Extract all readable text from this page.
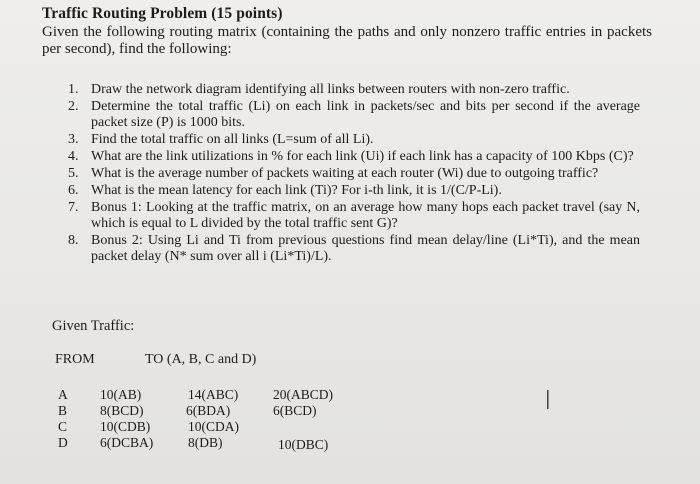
Traffic Routing Problem (15 points)
Given the following routing matrix (containing the paths and only nonzero traffic entries in packets per second), find the following:
1. Draw the network diagram identifying all links between routers with non-zero traffic.
2. Determine the total traffic (Li) on each link in packets/sec and bits per second if the average packet size (P) is 1000 bits.
3. Find the total traffic on all links (L=sum of all Li).
4. What are the link utilizations in % for each link (Ui) if each link has a capacity of 100 Kbps (C)?
5. What is the average number of packets waiting at each router (Wi) due to outgoing traffic?
6. What is the mean latency for each link (Ti)? For i-th link, it is 1/(C/P-Li).
7. Bonus 1: Looking at the traffic matrix, on an average how many hops each packet travel (say N, which is equal to L divided by the total traffic sent G)?
8. Bonus 2: Using Li and Ti from previous questions find mean delay/line (Li*Ti), and the mean packet delay (N* sum over all i (Li*Ti)/L).
Given Traffic:
FROM	TO (A, B, C and D)
A 10(AB)	14(ABC)	20(ABCD)
B 8(BCD)	6(BDA)	6(BCD)
C 10(CDB)	10(CDA)
D 6(DCBA)	8(DB)	10(DBC)
I
